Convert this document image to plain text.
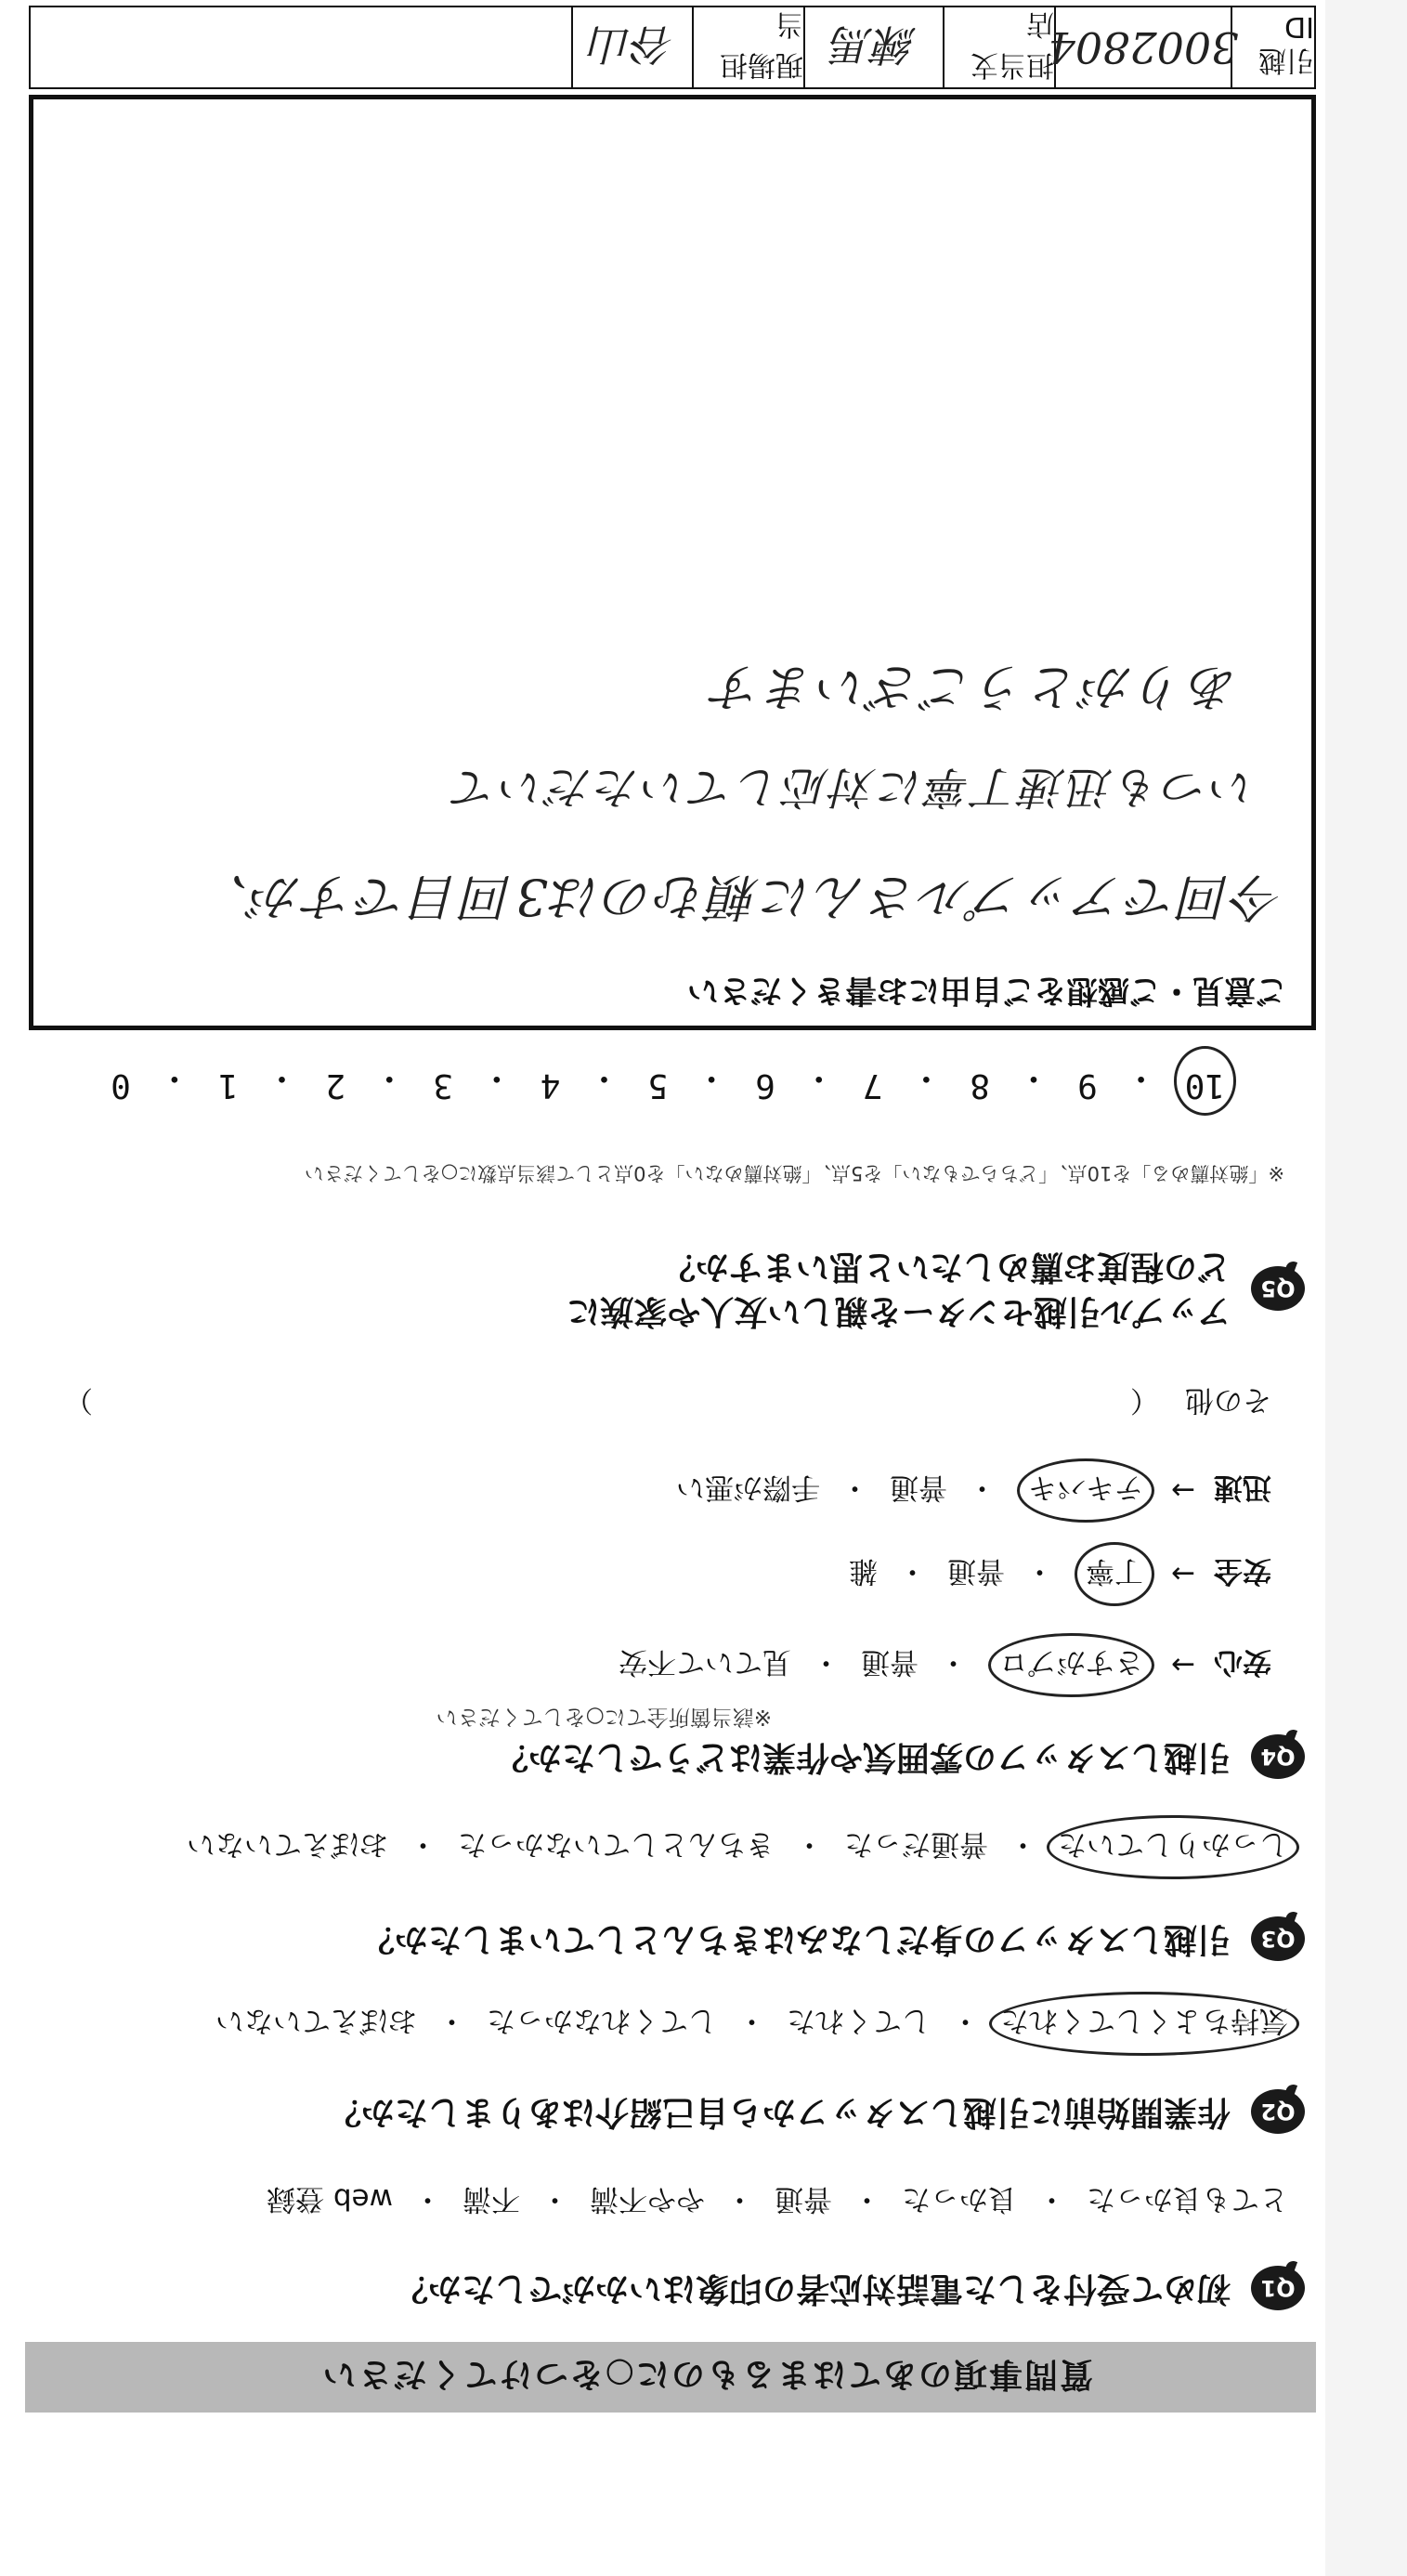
質問事項のあてはまるものに○をつけてください
Q1
初めて受付をした電話対応者の印象はいかがでしたか？
とても良かった
・
良かった
・
普通
・
やや不満
・
不満
・
web 登録
Q2
作業開始前に引越しスタッフから自己紹介はありましたか？
気持ちよくしてくれた
・
してくれた
・
してくれなかった
・
おぼえていない
Q3
引越しスタッフの身だしなみはきちんとしていましたか？
しっかりしていた
・
普通だった
・
きちんとしていなかった
・
おぼえていない
Q4
引越しスタッフの雰囲気や作業はどうでしたか？
※該当箇所全てに○をしてください
安心
→
さすがプロ
・
普通
・
見ていて不安
安全
→
丁寧
・
普通
・
雑
迅速
→
テキパキ
・
普通
・
手際が悪い
その他
（
）
Q5
アップル引越センターを親しい友人や家族に
どの程度お薦めしたいと思いますか？
※「絶対薦める」を10点、「どちらでもない」を5点、「絶対薦めない」を0点として該当点数に○をしてください
10
・
9
・
8
・
7
・
6
・
5
・
4
・
3
・
2
・
1
・
0
ご意見・ご感想をご自由にお書きください
今回でアップルさんに頼むのは3回目ですが、
いつも迅速丁寧に対応していただいて
ありがとうございます
引越ID
3002804
担当支店
練馬
現場担当
谷山
